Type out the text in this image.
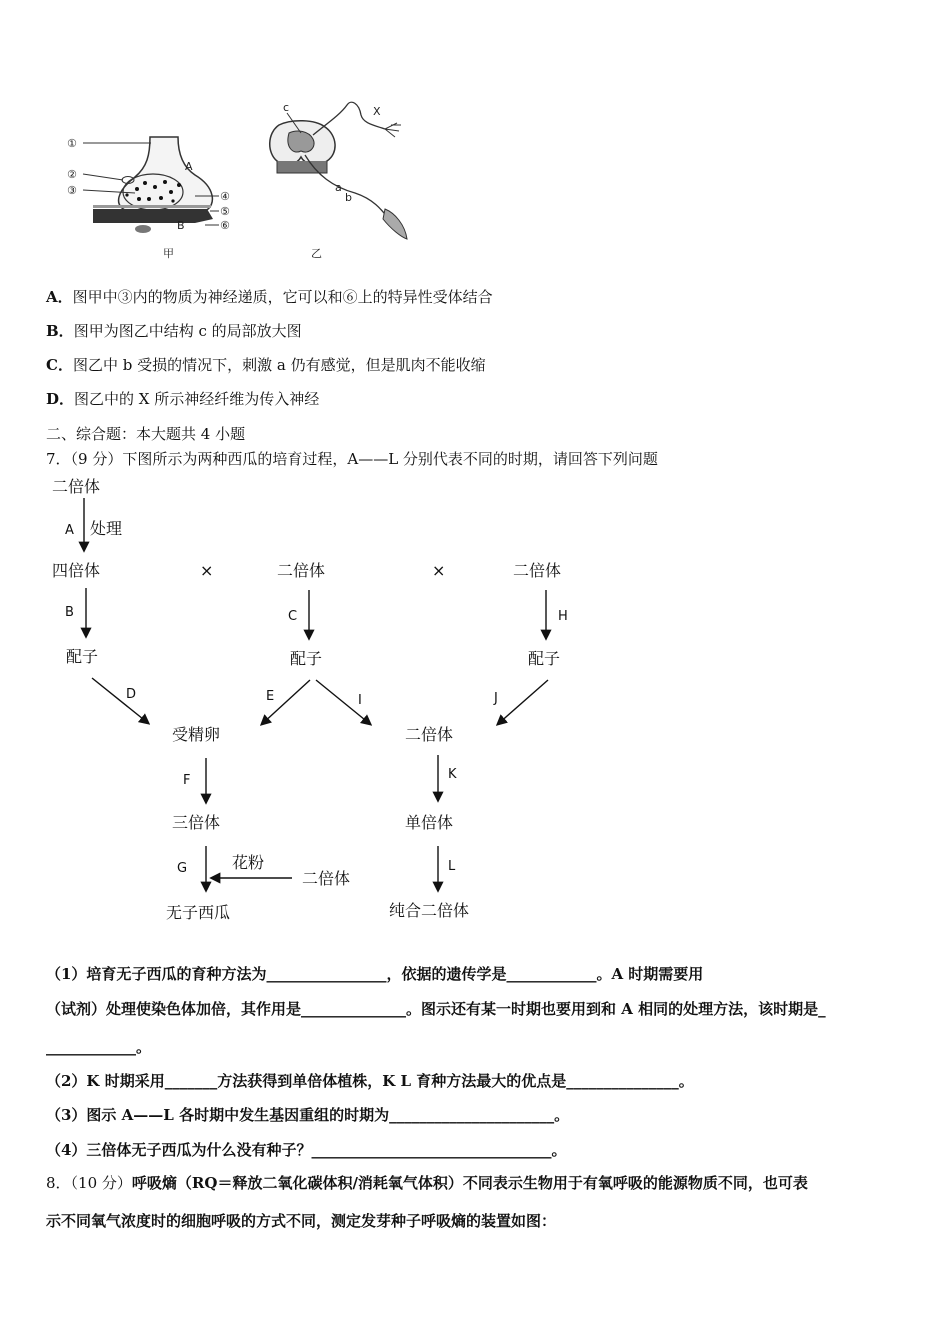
①
②
③	④
⑤
⑥
A
B
甲
c	X
a
b
乙
A．图甲中③内的物质为神经递质，它可以和⑥上的特异性受体结合
B．图甲为图乙中结构 c 的局部放大图
C．图乙中 b 受损的情况下，刺激 a 仍有感觉，但是肌肉不能收缩
D．图乙中的 X 所示神经纤维为传入神经
二、综合题：本大题共 4 小题
7．（9 分）下图所示为两种西瓜的培育过程，A——L 分别代表不同的时期，请回答下列问题
二倍体
四倍体	二倍体	二倍体
×	×
配子	配子	配子
受精卵	二倍体
三倍体	单倍体
无子西瓜	纯合二倍体
二倍体
处理
花粉
A
B	C	H
D	E	I	J
F	K
G	L
（1）培育无子西瓜的育种方法为________________，依据的遗传学是____________。A 时期需要用
（试剂）处理使染色体加倍，其作用是______________。图示还有某一时期也要用到和 A 相同的处理方法，该时期是_
____________。
（2）K 时期采用_______方法获得到单倍体植株，K L 育种方法最大的优点是_______________。
（3）图示 A——L 各时期中发生基因重组的时期为______________________。
（4）三倍体无子西瓜为什么没有种子？________________________________。
8．（10 分）呼吸熵（RQ＝释放二氧化碳体积/消耗氧气体积）不同表示生物用于有氧呼吸的能源物质不同，也可表
示不同氧气浓度时的细胞呼吸的方式不同，测定发芽种子呼吸熵的装置如图：
